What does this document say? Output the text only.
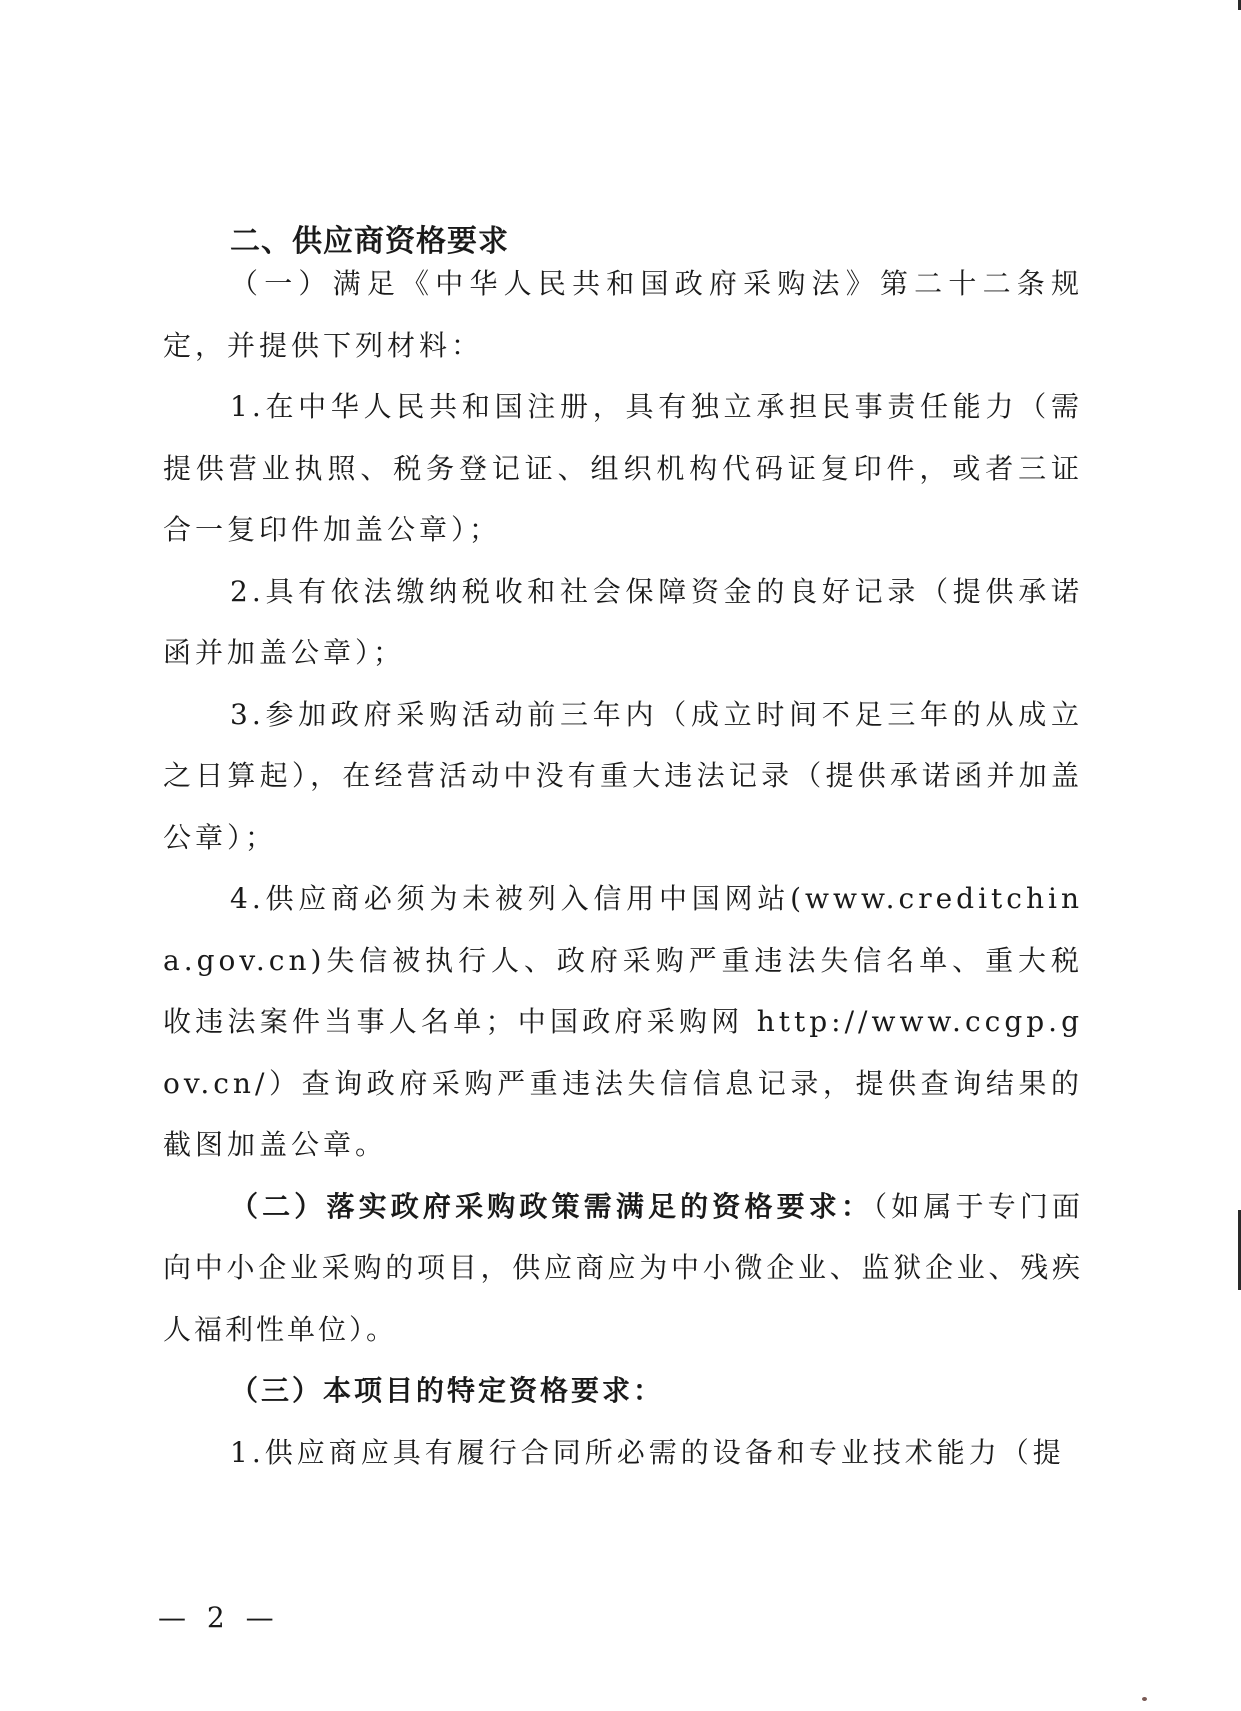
二、供应商资格要求

（一）满足《中华人民共和国政府采购法》第二十二条规定，并提供下列材料：

1.在中华人民共和国注册，具有独立承担民事责任能力（需提供营业执照、税务登记证、组织机构代码证复印件，或者三证合一复印件加盖公章）；

2.具有依法缴纳税收和社会保障资金的良好记录（提供承诺函并加盖公章）；

3.参加政府采购活动前三年内（成立时间不足三年的从成立之日算起），在经营活动中没有重大违法记录（提供承诺函并加盖公章）；

4.供应商必须为未被列入信用中国网站(www.creditchina.gov.cn)失信被执行人、政府采购严重违法失信名单、重大税收违法案件当事人名单；中国政府采购网 http://www.ccgp.gov.cn/）查询政府采购严重违法失信信息记录，提供查询结果的截图加盖公章。

（二）落实政府采购政策需满足的资格要求：（如属于专门面向中小企业采购的项目，供应商应为中小微企业、监狱企业、残疾人福利性单位）。

（三）本项目的特定资格要求：

1.供应商应具有履行合同所必需的设备和专业技术能力（提

— 2 —
